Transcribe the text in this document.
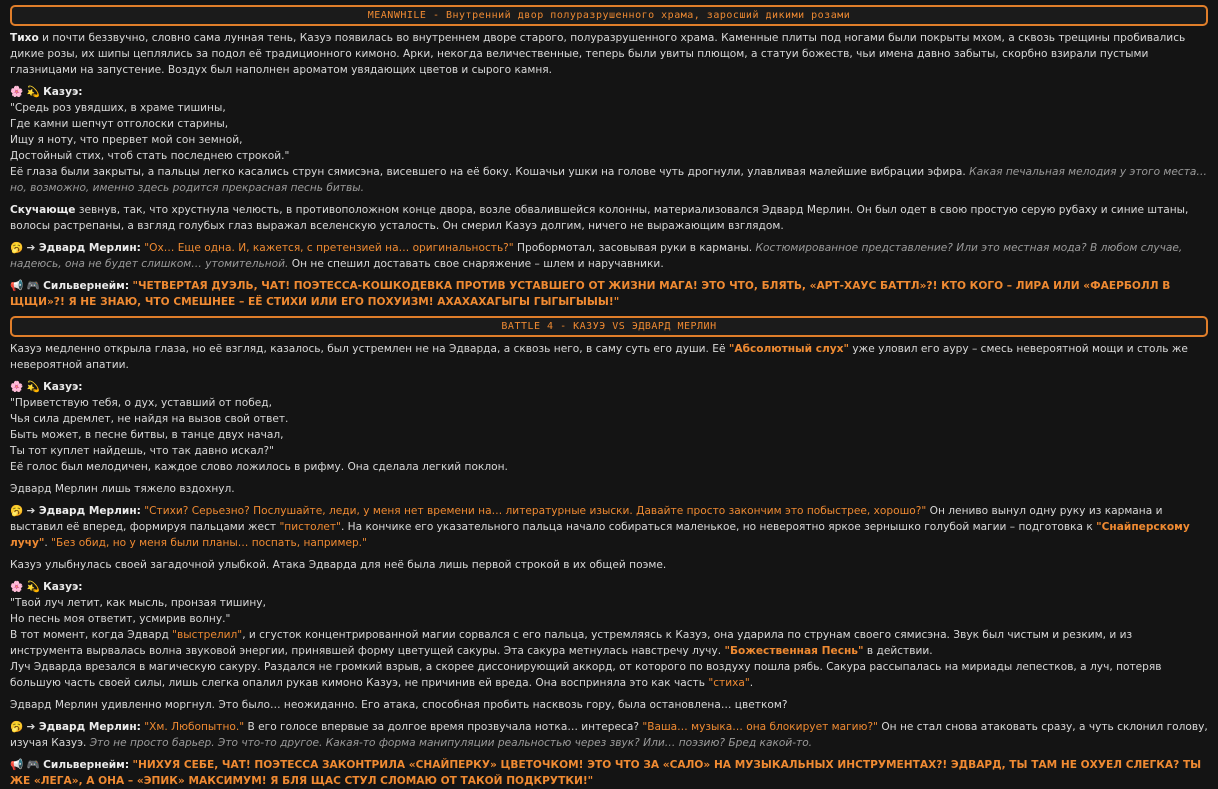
MEANWHILE - Внутренний двор полуразрушенного храма, заросший дикими розами

Тихо и почти беззвучно, словно сама лунная тень, Казуэ появилась во внутреннем дворе старого, полуразрушенного храма. Каменные плиты под ногами были покрыты мхом, а сквозь трещины пробивались дикие розы, их шипы цеплялись за подол её традиционного кимоно. Арки, некогда величественные, теперь были увиты плющом, а статуи божеств, чьи имена давно забыты, скорбно взирали пустыми глазницами на запустение. Воздух был наполнен ароматом увядающих цветов и сырого камня.

🌸 💫 Казуэ:
"Средь роз увядших, в храме тишины,
Где камни шепчут отголоски старины,
Ищу я ноту, что прервет мой сон земной,
Достойный стих, чтоб стать последнею строкой."

Её глаза были закрыты, а пальцы легко касались струн сямисэна, висевшего на её боку. Кошачьи ушки на голове чуть дрогнули, улавливая малейшие вибрации эфира. Какая печальная мелодия у этого места… но, возможно, именно здесь родится прекрасная песнь битвы.

Скучающе зевнув, так, что хрустнула челюсть, в противоположном конце двора, возле обвалившейся колонны, материализовался Эдвард Мерлин. Он был одет в свою простую серую рубаху и синие штаны, волосы растрепаны, а взгляд голубых глаз выражал вселенскую усталость. Он смерил Казуэ долгим, ничего не выражающим взглядом.

🥱 ➔ Эдвард Мерлин: "Ох… Еще одна. И, кажется, с претензией на… оригинальность?" Пробормотал, засовывая руки в карманы. Костюмированное представление? Или это местная мода? В любом случае, надеюсь, она не будет слишком… утомительной. Он не спешил доставать свое снаряжение – шлем и наручавники.

📢 🎮 Сильвернейм: "ЧЕТВЕРТАЯ ДУЭЛЬ, ЧАТ! ПОЭТЕССА-КОШКОДЕВКА ПРОТИВ УСТАВШЕГО ОТ ЖИЗНИ МАГА! ЭТО ЧТО, БЛЯТЬ, «АРТ-ХАУС БАТТЛ»?! КТО КОГО – ЛИРА ИЛИ «ФАЕРБОЛЛ В ЩЩИ»?! Я НЕ ЗНАЮ, ЧТО СМЕШНЕЕ – ЕЁ СТИХИ ИЛИ ЕГО ПОХУИЗМ! АХАХАХАГЫГЫ ГЫГЫГЫЫЫ!"

BATTLE 4 - КАЗУЭ VS ЭДВАРД МЕРЛИН

Казуэ медленно открыла глаза, но её взгляд, казалось, был устремлен не на Эдварда, а сквозь него, в саму суть его души. Её "Абсолютный слух" уже уловил его ауру – смесь невероятной мощи и столь же невероятной апатии.

🌸 💫 Казуэ:
"Приветствую тебя, о дух, уставший от побед,
Чья сила дремлет, не найдя на вызов свой ответ.
Быть может, в песне битвы, в танце двух начал,
Ты тот куплет найдешь, что так давно искал?"

Её голос был мелодичен, каждое слово ложилось в рифму. Она сделала легкий поклон.

Эдвард Мерлин лишь тяжело вздохнул.

🥱 ➔ Эдвард Мерлин: "Стихи? Серьезно? Послушайте, леди, у меня нет времени на… литературные изыски. Давайте просто закончим это побыстрее, хорошо?" Он лениво вынул одну руку из кармана и выставил её вперед, формируя пальцами жест "пистолет". На кончике его указательного пальца начало собираться маленькое, но невероятно яркое зернышко голубой магии – подготовка к "Снайперскому лучу". "Без обид, но у меня были планы… поспать, например."

Казуэ улыбнулась своей загадочной улыбкой. Атака Эдварда для неё была лишь первой строкой в их общей поэме.

🌸 💫 Казуэ:
"Твой луч летит, как мысль, пронзая тишину,
Но песнь моя ответит, усмирив волну."
В тот момент, когда Эдвард "выстрелил", и сгусток концентрированной магии сорвался с его пальца, устремляясь к Казуэ, она ударила по струнам своего сямисэна. Звук был чистым и резким, и из инструмента вырвалась волна звуковой энергии, принявшей форму цветущей сакуры. Эта сакура метнулась навстречу лучу. "Божественная Песнь" в действии.

Луч Эдварда врезался в магическую сакуру. Раздался не громкий взрыв, а скорее диссонирующий аккорд, от которого по воздуху пошла рябь. Сакура рассыпалась на мириады лепестков, а луч, потеряв большую часть своей силы, лишь слегка опалил рукав кимоно Казуэ, не причинив ей вреда. Она восприняла это как часть "стиха".

Эдвард Мерлин удивленно моргнул. Это было… неожиданно. Его атака, способная пробить насквозь гору, была остановлена… цветком?

🥱 ➔ Эдвард Мерлин: "Хм. Любопытно." В его голосе впервые за долгое время прозвучала нотка… интереса? "Ваша… музыка… она блокирует магию?" Он не стал снова атаковать сразу, а чуть склонил голову, изучая Казуэ. Это не просто барьер. Это что-то другое. Какая-то форма манипуляции реальностью через звук? Или… поэзию? Бред какой-то.

📢 🎮 Сильвернейм: "НИХУЯ СЕБЕ, ЧАТ! ПОЭТЕССА ЗАКОНТРИЛА «СНАЙПЕРКУ» ЦВЕТОЧКОМ! ЭТО ЧТО ЗА «САЛО» НА МУЗЫКАЛЬНЫХ ИНСТРУМЕНТАХ?! ЭДВАРД, ТЫ ТАМ НЕ ОХУЕЛ СЛЕГКА? ТЫ ЖЕ «ЛЕГА», А ОНА – «ЭПИК» МАКСИМУМ! Я БЛЯ ЩАС СТУЛ СЛОМАЮ ОТ ТАКОЙ ПОДКРУТКИ!"
